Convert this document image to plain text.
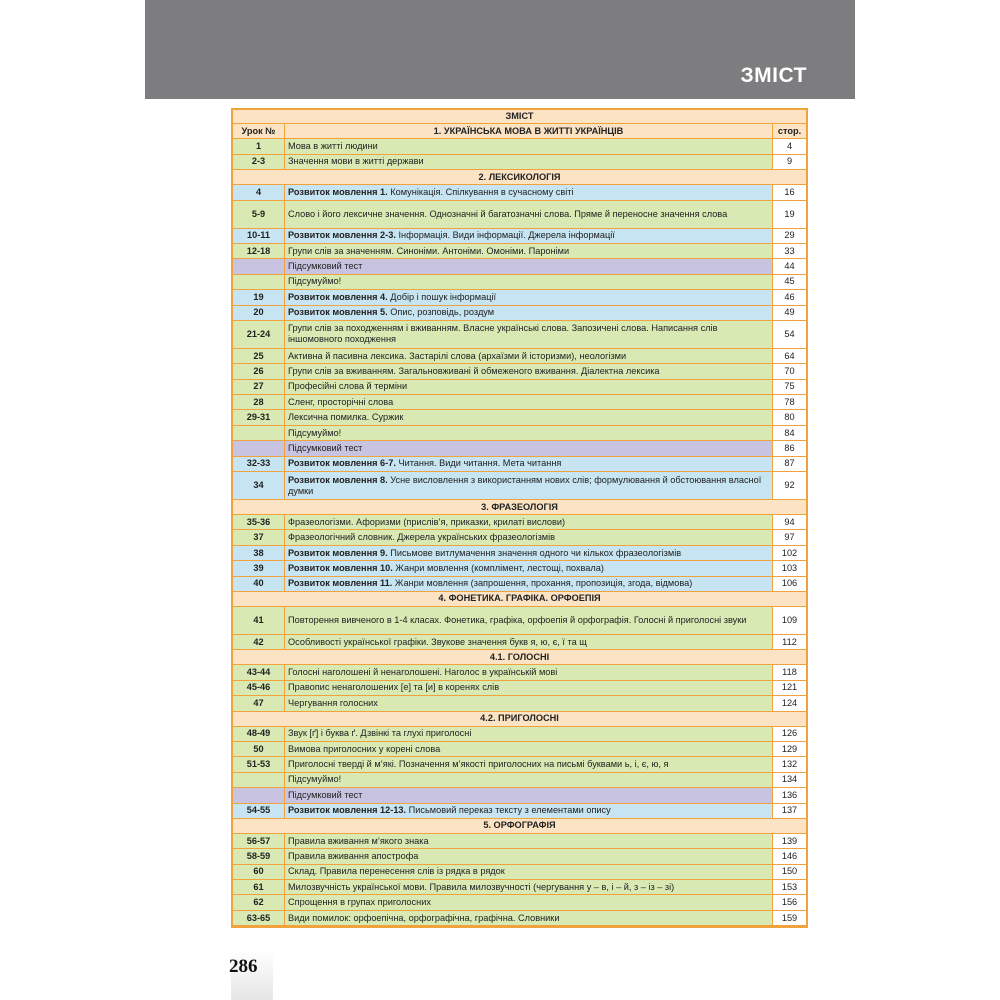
ЗМІСТ
ЗМІСТ		
Урок №	1. УКРАЇНСЬКА МОВА В ЖИТТІ УКРАЇНЦІВ	стор.
1	Мова в житті людини	4
2-3	Значення мови в житті держави	9
2. ЛЕКСИКОЛОГІЯ		
4	Розвиток мовлення 1. Комунікація. Спілкування в сучасному світі	16
5-9	Слово і його лексичне значення. Однозначні й багатозначні слова. Пряме й переносне значення слова	19
10-11	Розвиток мовлення 2-3. Інформація. Види інформації. Джерела інформації	29
12-18	Групи слів за значенням. Синоніми. Антоніми. Омоніми. Пароніми	33
	Підсумковий тест	44
	Підсумуймо!	45
19	Розвиток мовлення 4. Добір і пошук інформації	46
20	Розвиток мовлення 5. Опис, розповідь, роздум	49
21-24	Групи слів за походженням і вживанням. Власне українські слова. Запозичені слова. Написання слів іншомовного походження	54
25	Активна й пасивна лексика. Застарілі слова (архаїзми й історизми), неологізми	64
26	Групи слів за вживанням. Загальновживані й обмеженого вживання. Діалектна лексика	70
27	Професійні слова й терміни	75
28	Сленг, просторічні слова	78
29-31	Лексична помилка. Суржик	80
	Підсумуймо!	84
	Підсумковий тест	86
32-33	Розвиток мовлення 6-7. Читання. Види читання. Мета читання	87
34	Розвиток мовлення 8. Усне висловлення з використанням нових слів; формулювання й обстоювання власної думки	92
3. ФРАЗЕОЛОГІЯ		
35-36	Фразеологізми. Афоризми (прислів’я, приказки, крилаті вислови)	94
37	Фразеологічний словник. Джерела українських фразеологізмів	97
38	Розвиток мовлення 9. Письмове витлумачення значення одного чи кількох фразеологізмів	102
39	Розвиток мовлення 10. Жанри мовлення (комплімент, лестощі, похвала)	103
40	Розвиток мовлення 11. Жанри мовлення (запрошення, прохання, пропозиція, згода, відмова)	106
4. ФОНЕТИКА. ГРАФІКА. ОРФОЕПІЯ		
41	Повторення вивченого в 1-4 класах. Фонетика, графіка, орфоепія й орфографія. Голосні й приголосні звуки	109
42	Особливості української графіки. Звукове значення букв я, ю, є, ї та щ	112
4.1. ГОЛОСНІ		
43-44	Голосні наголошені й ненаголошені. Наголос в українській мові	118
45-46	Правопис ненаголошених [е] та [и] в коренях слів	121
47	Чергування голосних	124
4.2. ПРИГОЛОСНІ		
48-49	Звук [ґ] і буква ґ. Дзвінкі та глухі приголосні	126
50	Вимова приголосних у корені слова	129
51-53	Приголосні тверді й м’які. Позначення м’якості приголосних на письмі буквами ь, і, є, ю, я	132
	Підсумуймо!	134
	Підсумковий тест	136
54-55	Розвиток мовлення 12-13. Письмовий переказ тексту з елементами опису	137
5. ОРФОГРАФІЯ		
56-57	Правила вживання м’якого знака	139
58-59	Правила вживання апострофа	146
60	Склад. Правила перенесення слів із рядка в рядок	150
61	Милозвучність української мови. Правила милозвучності (чергування у – в, і – й, з – із – зі)	153
62	Спрощення в групах приголосних	156
63-65	Види помилок: орфоепічна, орфографічна, графічна. Словники	159
286
